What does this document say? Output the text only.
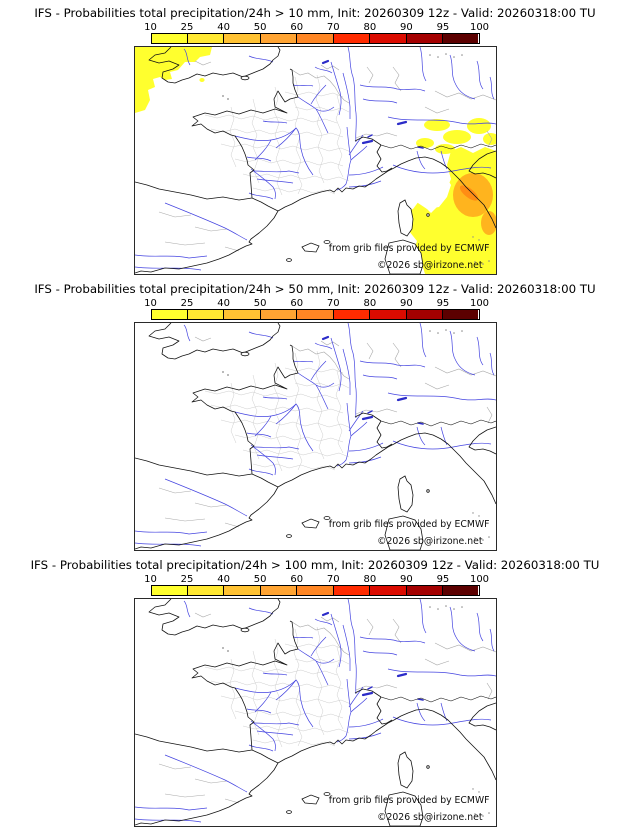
IFS - Probabilities total precipitation/24h > 10 mm, Init: 20260309 12z - Valid: 20260318:00 TU
10 25 40 50 60 70 80 90 95 100
from grib files provided by ECMWF
©2026 sb@irizone.net
IFS - Probabilities total precipitation/24h > 50 mm, Init: 20260309 12z - Valid: 20260318:00 TU
10 25 40 50 60 70 80 90 95 100
from grib files provided by ECMWF
©2026 sb@irizone.net
IFS - Probabilities total precipitation/24h > 100 mm, Init: 20260309 12z - Valid: 20260318:00 TU
10 25 40 50 60 70 80 90 95 100
from grib files provided by ECMWF
©2026 sb@irizone.net
